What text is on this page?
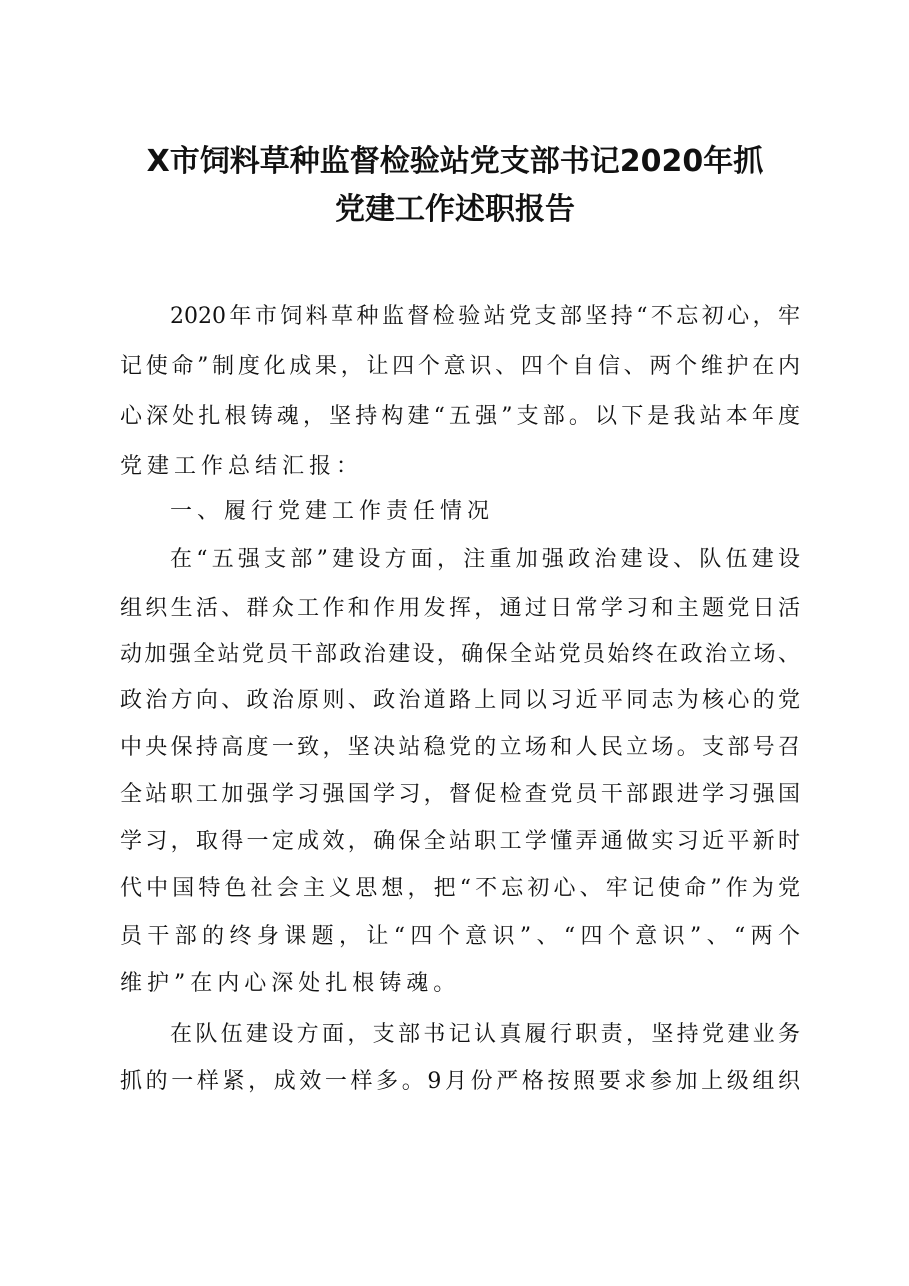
X市饲料草种监督检验站党支部书记2020年抓
党建工作述职报告
2020年市饲料草种监督检验站党支部坚持“不忘初心，牢
记使命”制度化成果，让四个意识、四个自信、两个维护在内
心深处扎根铸魂，坚持构建“五强”支部。以下是我站本年度
党建工作总结汇报：
一、履行党建工作责任情况
在“五强支部”建设方面，注重加强政治建设、队伍建设
组织生活、群众工作和作用发挥，通过日常学习和主题党日活
动加强全站党员干部政治建设，确保全站党员始终在政治立场、
政治方向、政治原则、政治道路上同以习近平同志为核心的党
中央保持高度一致，坚决站稳党的立场和人民立场。支部号召
全站职工加强学习强国学习，督促检查党员干部跟进学习强国
学习，取得一定成效，确保全站职工学懂弄通做实习近平新时
代中国特色社会主义思想，把“不忘初心、牢记使命”作为党
员干部的终身课题，让“四个意识”、“四个意识”、“两个
维护”在内心深处扎根铸魂。
在队伍建设方面，支部书记认真履行职责，坚持党建业务
抓的一样紧，成效一样多。9月份严格按照要求参加上级组织
